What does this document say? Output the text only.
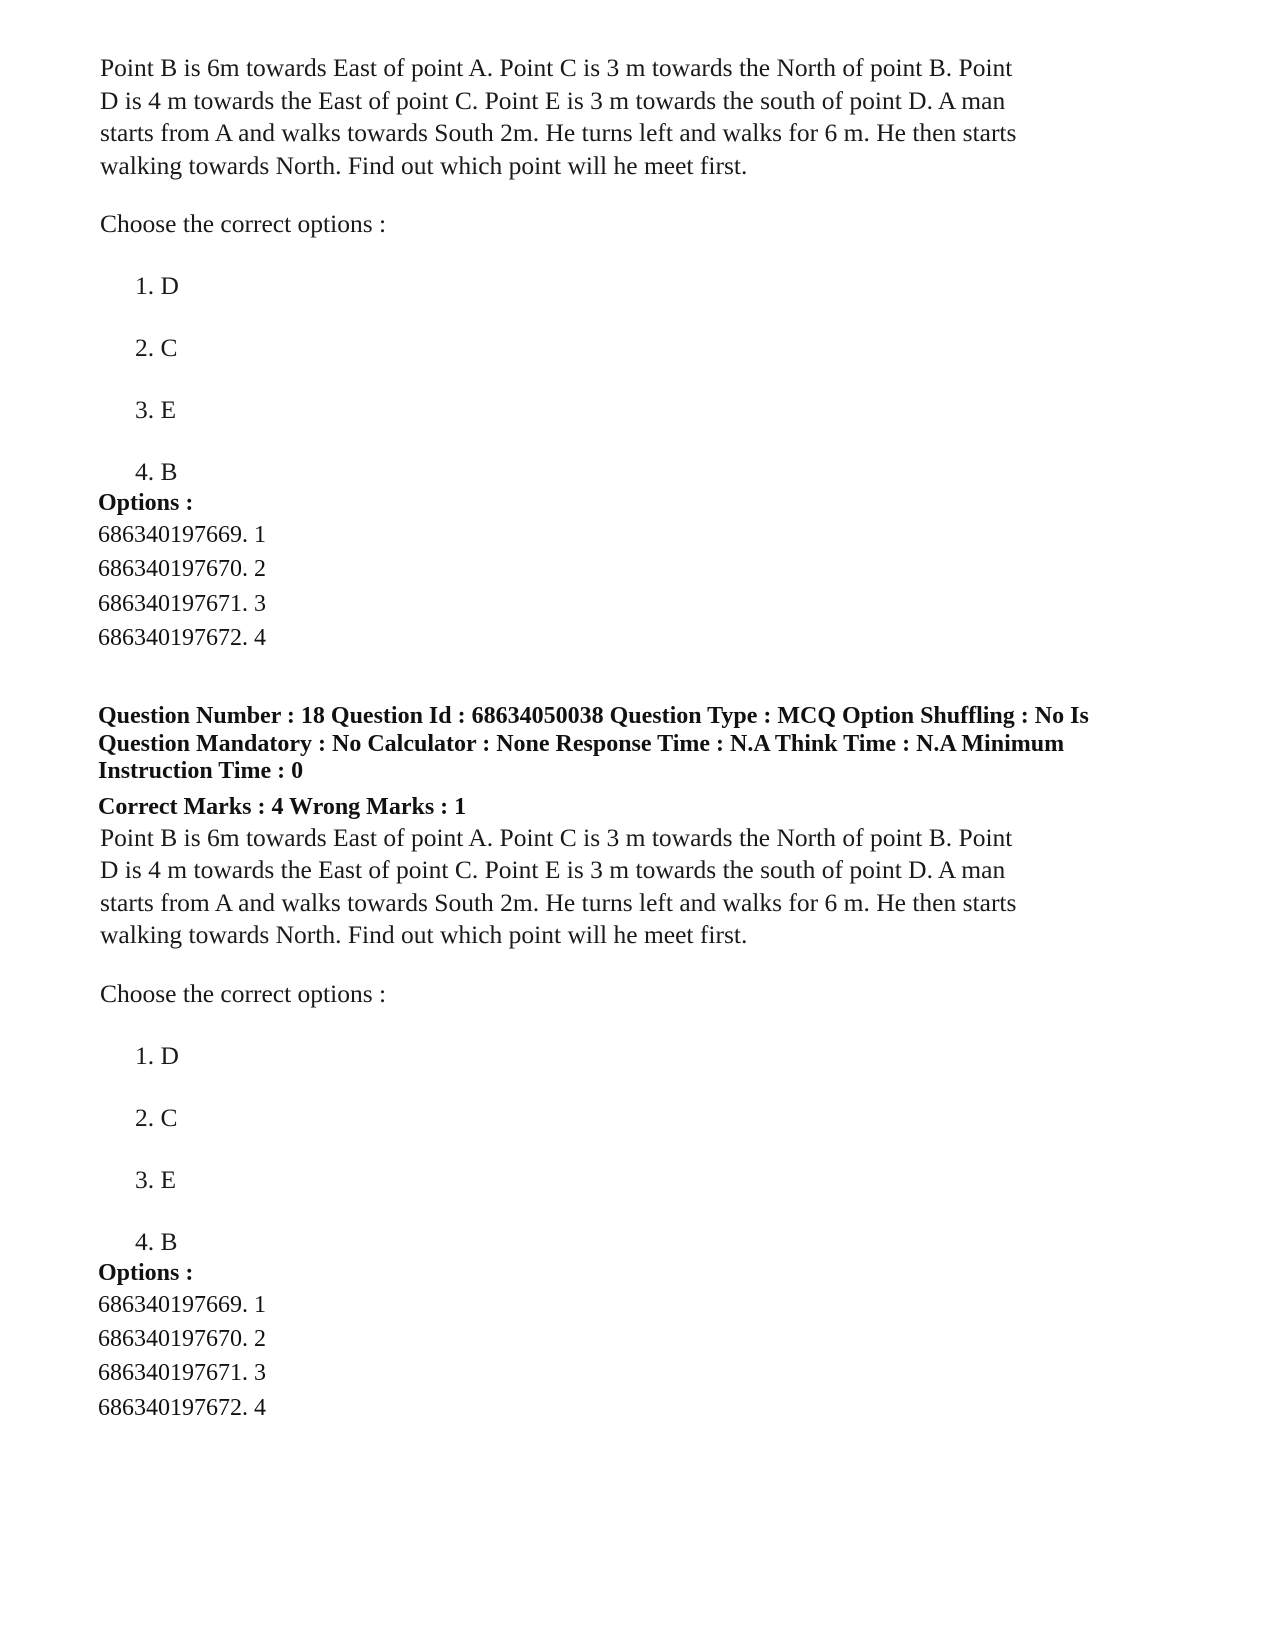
Point B is 6m towards East of point A. Point C is 3 m towards the North of point B. Point D is 4 m towards the East of point C. Point E is 3 m towards the south of point D. A man starts from A and walks towards South 2m. He turns left and walks for 6 m. He then starts walking towards North. Find out which point will he meet first.

Choose the correct options :
1. D
2. C
3. E
4. B
Options :
686340197669. 1
686340197670. 2
686340197671. 3
686340197672. 4
Question Number : 18 Question Id : 68634050038 Question Type : MCQ Option Shuffling : No Is Question Mandatory : No Calculator : None Response Time : N.A Think Time : N.A Minimum Instruction Time : 0
Correct Marks : 4 Wrong Marks : 1

Point B is 6m towards East of point A. Point C is 3 m towards the North of point B. Point D is 4 m towards the East of point C. Point E is 3 m towards the south of point D. A man starts from A and walks towards South 2m. He turns left and walks for 6 m. He then starts walking towards North. Find out which point will he meet first.

Choose the correct options :
1. D
2. C
3. E
4. B
Options :
686340197669. 1
686340197670. 2
686340197671. 3
686340197672. 4
